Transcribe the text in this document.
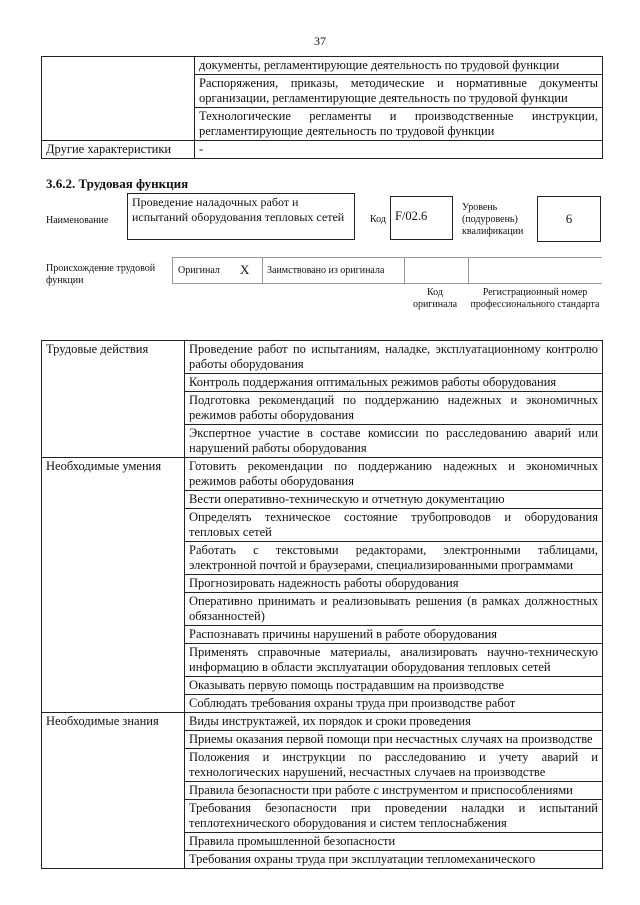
37
	документы, регламентирующие деятельность по трудовой функции
	Распоряжения, приказы, методические и нормативные документы организации, регламентирующие деятельность по трудовой функции
	Технологические регламенты и производственные инструкции, регламентирующие деятельность по трудовой функции
Другие характеристики	-
3.6.2. Трудовая функция
Наименование
Проведение наладочных работ и испытаний оборудования тепловых сетей	Код F/02.6
Уровень (подуровень) квалификации
6
Происхождение трудовой функции
Оригинал X Заимствовано из оригинала
Код оригинала
Регистрационный номер профессионального стандарта
Трудовые действия	Проведение работ по испытаниям, наладке, эксплуатационному контролю работы оборудования
	Контроль поддержания оптимальных режимов работы оборудования
	Подготовка рекомендаций по поддержанию надежных и экономичных режимов работы оборудования
	Экспертное участие в составе комиссии по расследованию аварий или нарушений работы оборудования
Необходимые умения	Готовить рекомендации по поддержанию надежных и экономичных режимов работы оборудования
	Вести оперативно-техническую и отчетную документацию
	Определять техническое состояние трубопроводов и оборудования тепловых сетей
	Работать с текстовыми редакторами, электронными таблицами, электронной почтой и браузерами, специализированными программами
	Прогнозировать надежность работы оборудования
	Оперативно принимать и реализовывать решения (в рамках должностных обязанностей)
	Распознавать причины нарушений в работе оборудования
	Применять справочные материалы, анализировать научно-техническую информацию в области эксплуатации оборудования тепловых сетей
	Оказывать первую помощь пострадавшим на производстве
	Соблюдать требования охраны труда при производстве работ
Необходимые знания	Виды инструктажей, их порядок и сроки проведения
	Приемы оказания первой помощи при несчастных случаях на производстве
	Положения и инструкции по расследованию и учету аварий и технологических нарушений, несчастных случаев на производстве
	Правила безопасности при работе с инструментом и приспособлениями
	Требования безопасности при проведении наладки и испытаний теплотехнического оборудования и систем теплоснабжения
	Правила промышленной безопасности
	Требования охраны труда при эксплуатации тепломеханического
